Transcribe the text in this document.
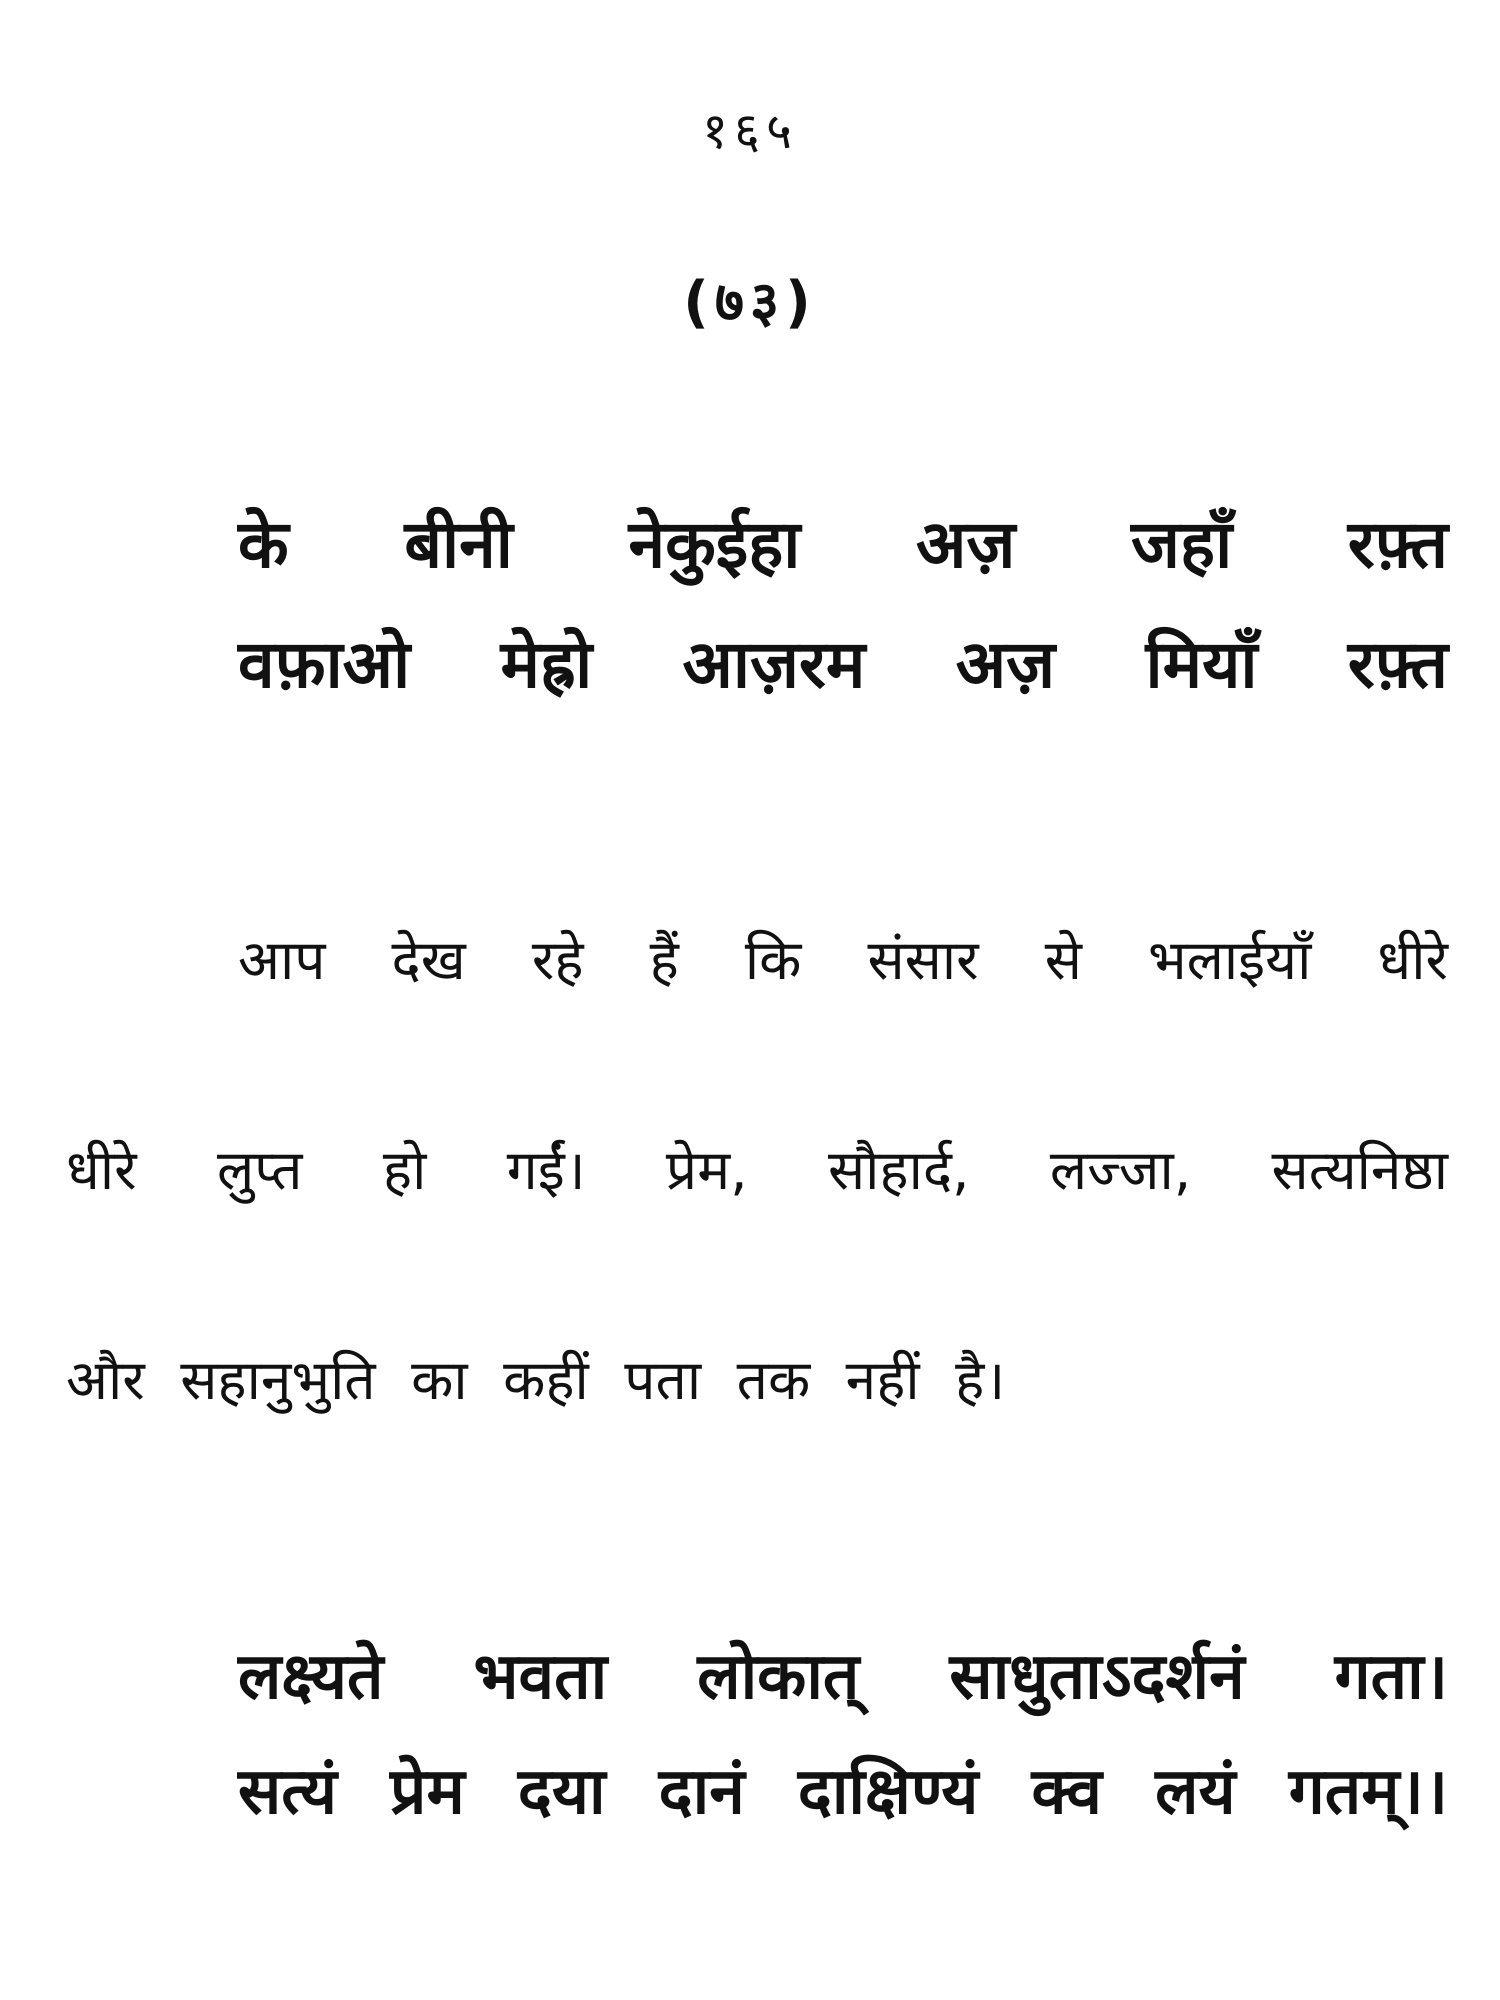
१६५
(७३)
के बीनी नेकुईहा अज़ जहाँ रफ़्त
वफ़ाओ मेह्रो आज़रम अज़ मियाँ रफ़्त
आप देख रहे हैं कि संसार से भलाईयाँ धीरे
धीरे लुप्त हो गईं। प्रेम, सौहार्द, लज्जा, सत्यनिष्ठा
और सहानुभुति का कहीं पता तक नहीं है।
लक्ष्यते भवता लोकात् साधुताऽदर्शनं गता।
सत्यं प्रेम दया दानं दाक्षिण्यं क्व लयं गतम्।।
